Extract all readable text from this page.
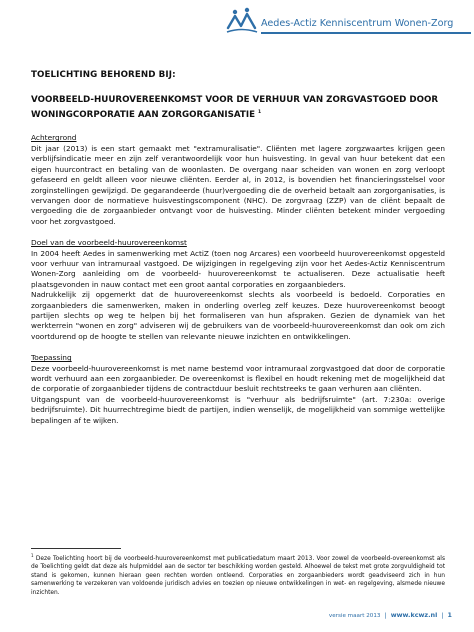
Aedes-Actiz Kenniscentrum Wonen-Zorg

TOELICHTING BEHOREND BIJ:

VOORBEELD-HUUROVEREENKOMST VOOR DE VERHUUR VAN ZORGVASTGOED DOOR WONINGCORPORATIE AAN ZORGORGANISATIE $^1$

Achtergrond

Dit jaar (2013) is een start gemaakt met "extramuralisatie". Cliënten met lagere zorgzwaartes krijgen geen verblijfsindicatie meer en zijn zelf verantwoordelijk voor hun huisvesting. In geval van huur betekent dat een eigen huurcontract en betaling van de woonlasten. De overgang naar scheiden van wonen en zorg verloopt gefaseerd en geldt alleen voor nieuwe cliënten. Eerder al, in 2012, is bovendien het financieringsstelsel voor zorginstellingen gewijzigd. De gegarandeerde (huur)vergoeding die de overheid betaalt aan zorgorganisaties, is vervangen door de normatieve huisvestingscomponent (NHC). De zorgvraag (ZZP) van de cliënt bepaalt de vergoeding die de zorgaanbieder ontvangt voor de huisvesting. Minder cliënten betekent minder vergoeding voor het zorgvastgoed.

Doel van de voorbeeld-huurovereenkomst

In 2004 heeft Aedes in samenwerking met ActiZ (toen nog Arcares) een voorbeeld huurovereenkomst opgesteld voor verhuur van intramuraal vastgoed. De wijzigingen in regelgeving zijn voor het Aedes-Actiz Kenniscentrum Wonen-Zorg aanleiding om de voorbeeld- huurovereenkomst te actualiseren. Deze actualisatie heeft plaatsgevonden in nauw contact met een groot aantal corporaties en zorgaanbieders.

Nadrukkelijk zij opgemerkt dat de huurovereenkomst slechts als voorbeeld is bedoeld. Corporaties en zorgaanbieders die samenwerken, maken in onderling overleg zelf keuzes. Deze huurovereenkomst beoogt partijen slechts op weg te helpen bij het formaliseren van hun afspraken. Gezien de dynamiek van het werkterrein "wonen en zorg" adviseren wij de gebruikers van de voorbeeld-huurovereenkomst dan ook om zich voortdurend op de hoogte te stellen van relevante nieuwe inzichten en ontwikkelingen.

Toepassing

Deze voorbeeld-huurovereenkomst is met name bestemd voor intramuraal zorgvastgoed dat door de corporatie wordt verhuurd aan een zorgaanbieder. De overeenkomst is flexibel en houdt rekening met de mogelijkheid dat de corporatie of zorgaanbieder tijdens de contractduur besluit rechtstreeks te gaan verhuren aan cliënten.

Uitgangspunt van de voorbeeld-huurovereenkomst is "verhuur als bedrijfsruimte" (art. 7:230a: overige bedrijfsruimte). Dit huurrechtregime biedt de partijen, indien wenselijk, de mogelijkheid van sommige wettelijke bepalingen af te wijken.

$^1$ Deze Toelichting hoort bij de voorbeeld-huurovereenkomst met publicatiedatum maart 2013. Voor zowel de voorbeeld-overeenkomst als de Toelichting geldt dat deze als hulpmiddel aan de sector ter beschikking worden gesteld. Alhoewel de tekst met grote zorgvuldigheid tot stand is gekomen, kunnen hieraan geen rechten worden ontleend. Corporaties en zorgaanbieders wordt geadviseerd zich in hun samenwerking te verzekeren van voldoende juridisch advies en toezien op nieuwe ontwikkelingen in wet- en regelgeving, alsmede nieuwe inzichten.

versie maart 2013 | www.kcwz.nl | 1
